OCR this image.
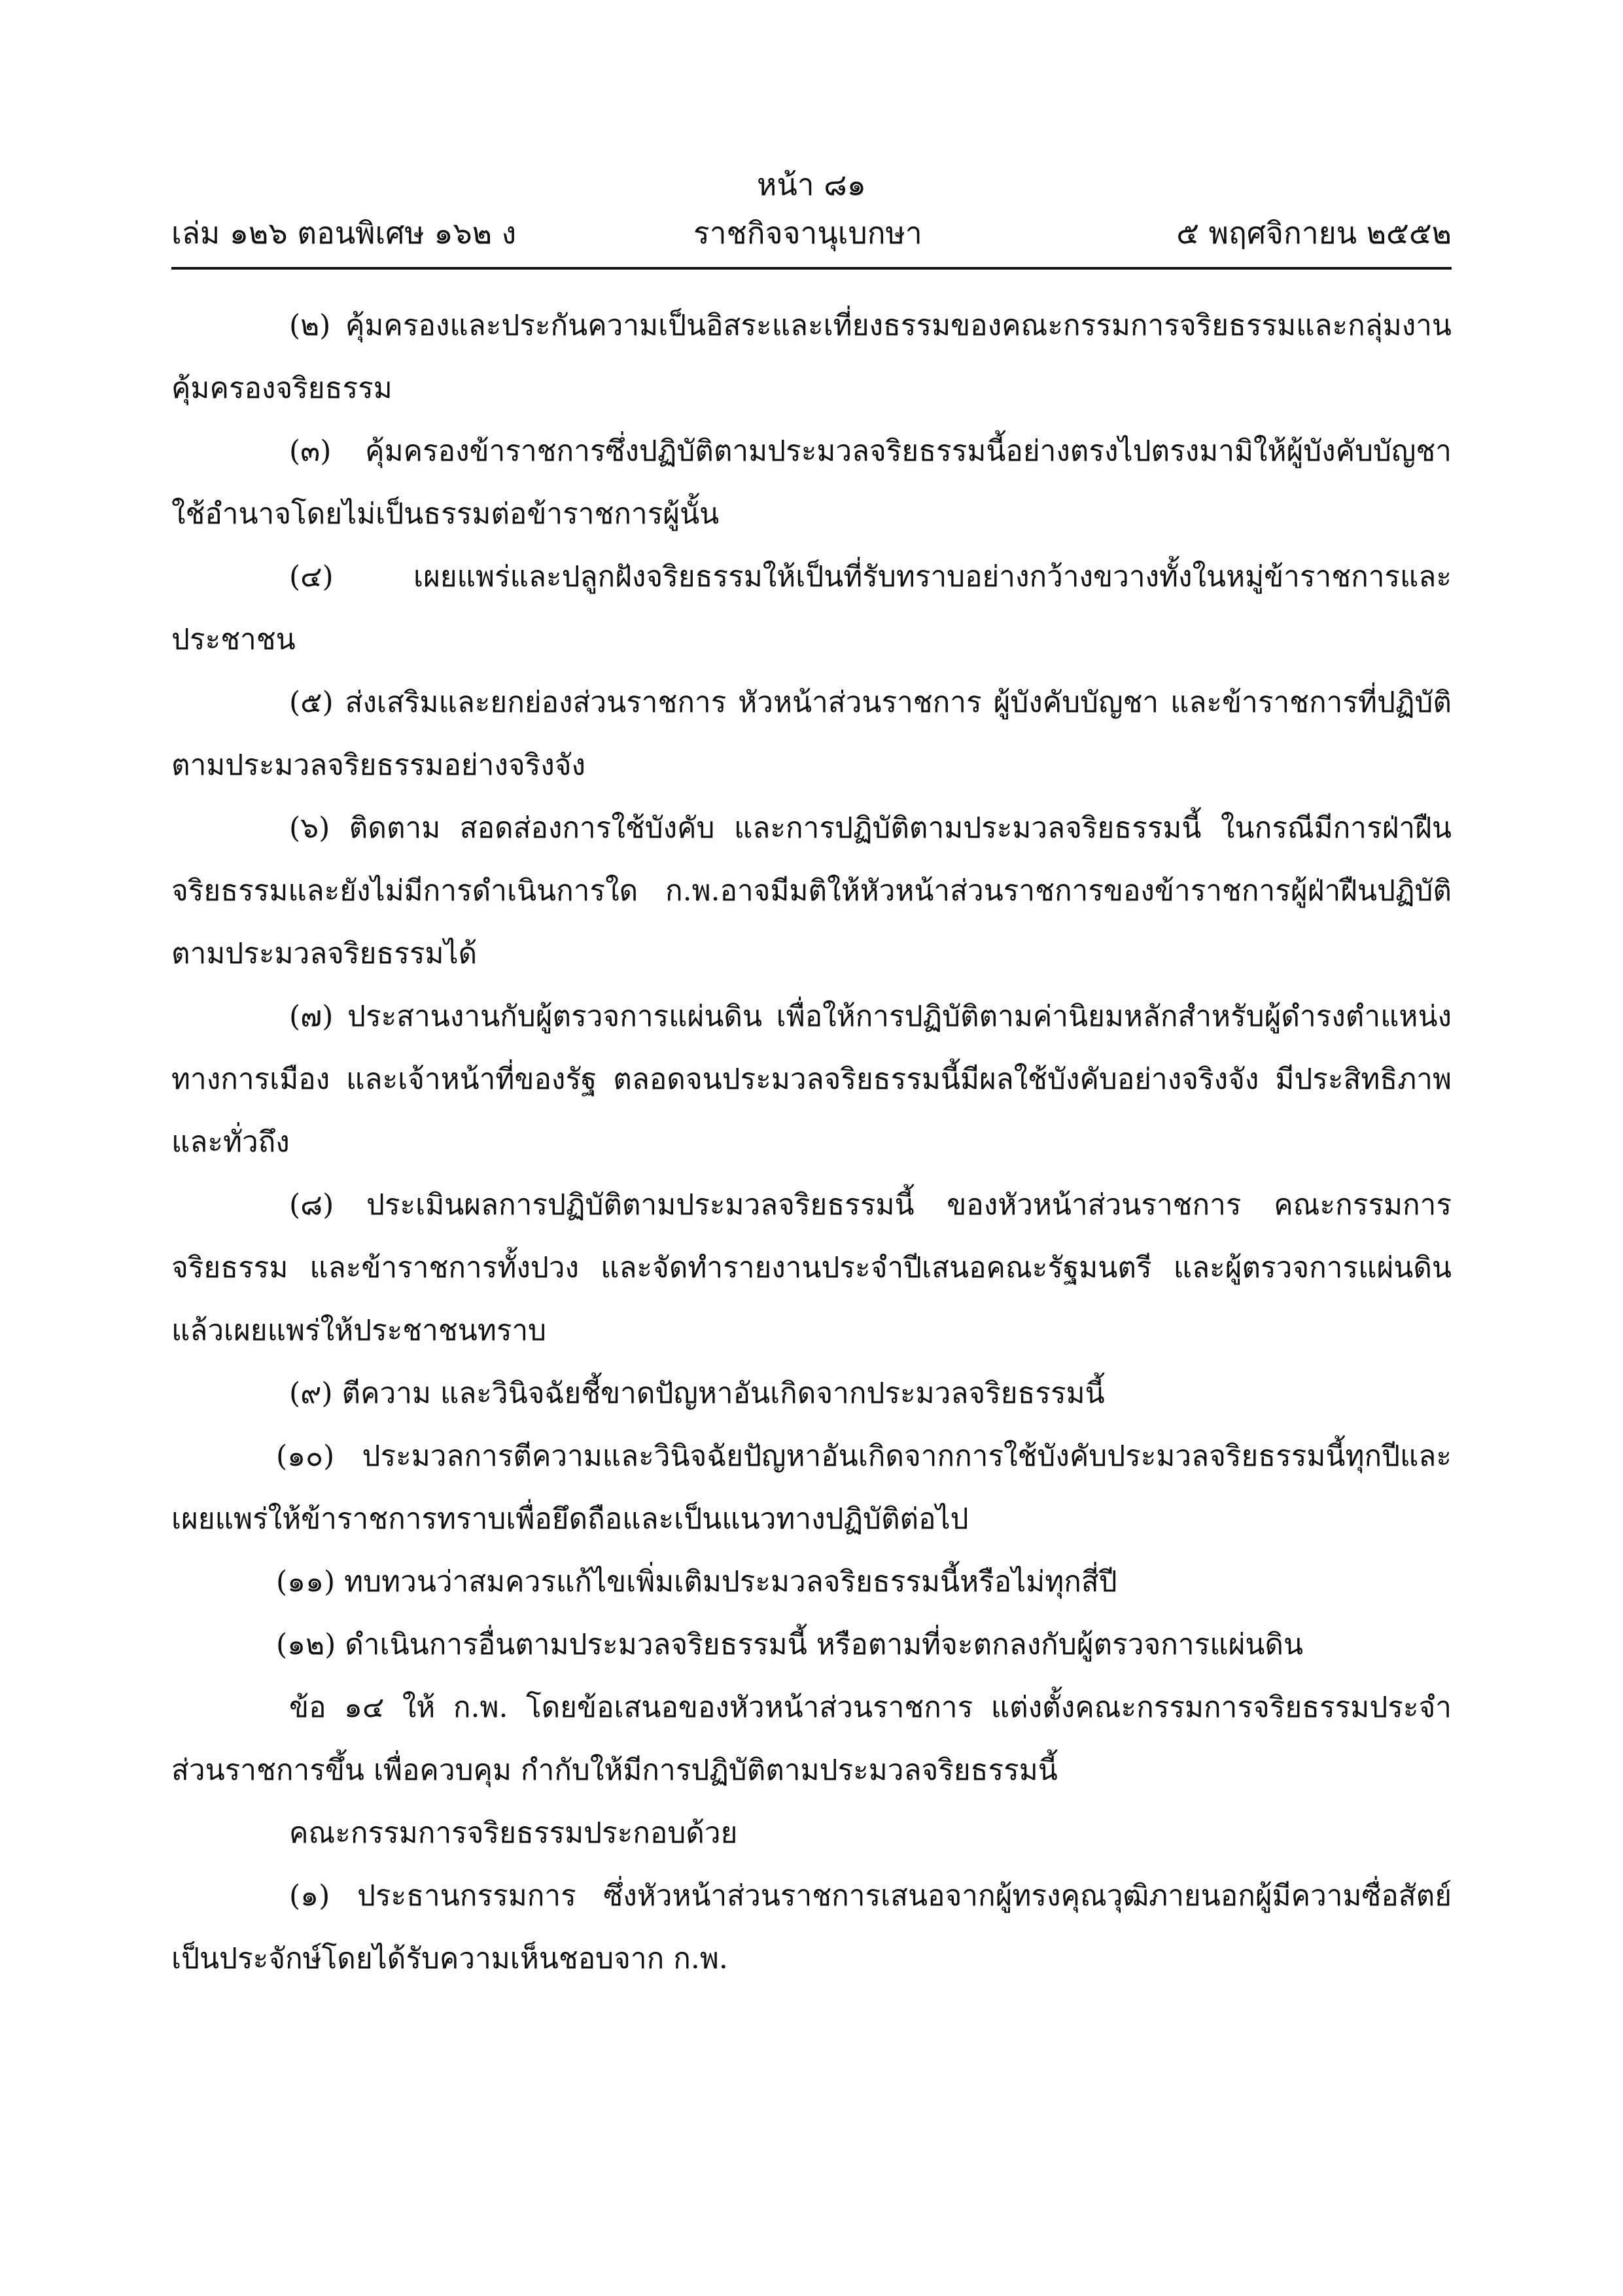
หน้า ๘๑
เล่ม ๑๒๖ ตอนพิเศษ ๑๖๒ ง	ราชกิจจานุเบกษา	๕ พฤศจิกายน ๒๕๕๒

(๒) คุ้มครองและประกันความเป็นอิสระและเที่ยงธรรมของคณะกรรมการจริยธรรมและกลุ่มงานคุ้มครองจริยธรรม

(๓) คุ้มครองข้าราชการซึ่งปฏิบัติตามประมวลจริยธรรมนี้อย่างตรงไปตรงมามิให้ผู้บังคับบัญชาใช้อำนาจโดยไม่เป็นธรรมต่อข้าราชการผู้นั้น

(๔) เผยแพร่และปลูกฝังจริยธรรมให้เป็นที่รับทราบอย่างกว้างขวางทั้งในหมู่ข้าราชการและประชาชน

(๕) ส่งเสริมและยกย่องส่วนราชการ หัวหน้าส่วนราชการ ผู้บังคับบัญชา และข้าราชการที่ปฏิบัติตามประมวลจริยธรรมอย่างจริงจัง

(๖) ติดตาม สอดส่องการใช้บังคับ และการปฏิบัติตามประมวลจริยธรรมนี้ ในกรณีมีการฝ่าฝืนจริยธรรมและยังไม่มีการดำเนินการใด ก.พ.อาจมีมติให้หัวหน้าส่วนราชการของข้าราชการผู้ฝ่าฝืนปฏิบัติตามประมวลจริยธรรมได้

(๗) ประสานงานกับผู้ตรวจการแผ่นดิน เพื่อให้การปฏิบัติตามค่านิยมหลักสำหรับผู้ดำรงตำแหน่งทางการเมือง และเจ้าหน้าที่ของรัฐ ตลอดจนประมวลจริยธรรมนี้มีผลใช้บังคับอย่างจริงจัง มีประสิทธิภาพและทั่วถึง

(๘) ประเมินผลการปฏิบัติตามประมวลจริยธรรมนี้ ของหัวหน้าส่วนราชการ คณะกรรมการจริยธรรม และข้าราชการทั้งปวง และจัดทำรายงานประจำปีเสนอคณะรัฐมนตรี และผู้ตรวจการแผ่นดิน แล้วเผยแพร่ให้ประชาชนทราบ

(๙) ตีความ และวินิจฉัยชี้ขาดปัญหาอันเกิดจากประมวลจริยธรรมนี้

(๑๐) ประมวลการตีความและวินิจฉัยปัญหาอันเกิดจากการใช้บังคับประมวลจริยธรรมนี้ทุกปีและเผยแพร่ให้ข้าราชการทราบเพื่อยึดถือและเป็นแนวทางปฏิบัติต่อไป

(๑๑) ทบทวนว่าสมควรแก้ไขเพิ่มเติมประมวลจริยธรรมนี้หรือไม่ทุกสี่ปี

(๑๒) ดำเนินการอื่นตามประมวลจริยธรรมนี้ หรือตามที่จะตกลงกับผู้ตรวจการแผ่นดิน

ข้อ ๑๔ ให้ ก.พ. โดยข้อเสนอของหัวหน้าส่วนราชการ แต่งตั้งคณะกรรมการจริยธรรมประจำส่วนราชการขึ้น เพื่อควบคุม กำกับให้มีการปฏิบัติตามประมวลจริยธรรมนี้

คณะกรรมการจริยธรรมประกอบด้วย

(๑) ประธานกรรมการ ซึ่งหัวหน้าส่วนราชการเสนอจากผู้ทรงคุณวุฒิภายนอกผู้มีความซื่อสัตย์เป็นประจักษ์โดยได้รับความเห็นชอบจาก ก.พ.
